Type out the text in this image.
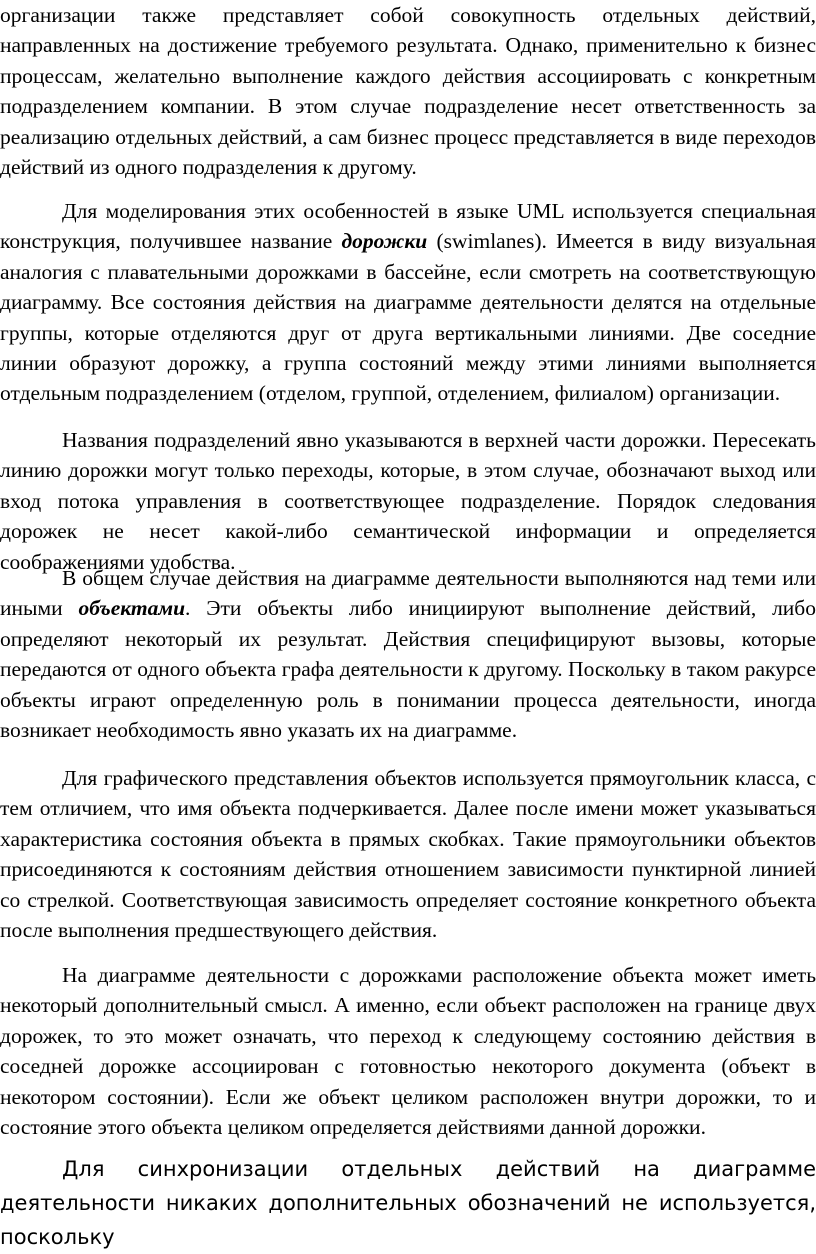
организации также представляет собой совокупность отдельных действий, направленных на достижение требуемого результата. Однако, применительно к бизнес процессам, желательно выполнение каждого действия ассоциировать с конкретным подразделением компании. В этом случае подразделение несет ответственность за реализацию отдельных действий, а сам бизнес процесс представляется в виде переходов действий из одного подразделения к другому.

Для моделирования этих особенностей в языке UML используется специальная конструкция, получившее название дорожки (swimlanes). Имеется в виду визуальная аналогия с плавательными дорожками в бассейне, если смотреть на соответствующую диаграмму. Все состояния действия на диаграмме деятельности делятся на отдельные группы, которые отделяются друг от друга вертикальными линиями. Две соседние линии образуют дорожку, а группа состояний между этими линиями выполняется отдельным подразделением (отделом, группой, отделением, филиалом) организации.

Названия подразделений явно указываются в верхней части дорожки. Пересекать линию дорожки могут только переходы, которые, в этом случае, обозначают выход или вход потока управления в соответствующее подразделение. Порядок следования дорожек не несет какой-либо семантической информации и определяется соображениями удобства.

В общем случае действия на диаграмме деятельности выполняются над теми или иными объектами. Эти объекты либо инициируют выполнение действий, либо определяют некоторый их результат. Действия специфицируют вызовы, которые передаются от одного объекта графа деятельности к другому. Поскольку в таком ракурсе объекты играют определенную роль в понимании процесса деятельности, иногда возникает необходимость явно указать их на диаграмме.

Для графического представления объектов используется прямоугольник класса, с тем отличием, что имя объекта подчеркивается. Далее после имени может указываться характеристика состояния объекта в прямых скобках. Такие прямоугольники объектов присоединяются к состояниям действия отношением зависимости пунктирной линией со стрелкой. Соответствующая зависимость определяет состояние конкретного объекта после выполнения предшествующего действия.

На диаграмме деятельности с дорожками расположение объекта может иметь некоторый дополнительный смысл. А именно, если объект расположен на границе двух дорожек, то это может означать, что переход к следующему состоянию действия в соседней дорожке ассоциирован с готовностью некоторого документа (объект в некотором состоянии). Если же объект целиком расположен внутри дорожки, то и состояние этого объекта целиком определяется действиями данной дорожки.

Для синхронизации отдельных действий на диаграмме деятельности никаких дополнительных обозначений не используется, поскольку
